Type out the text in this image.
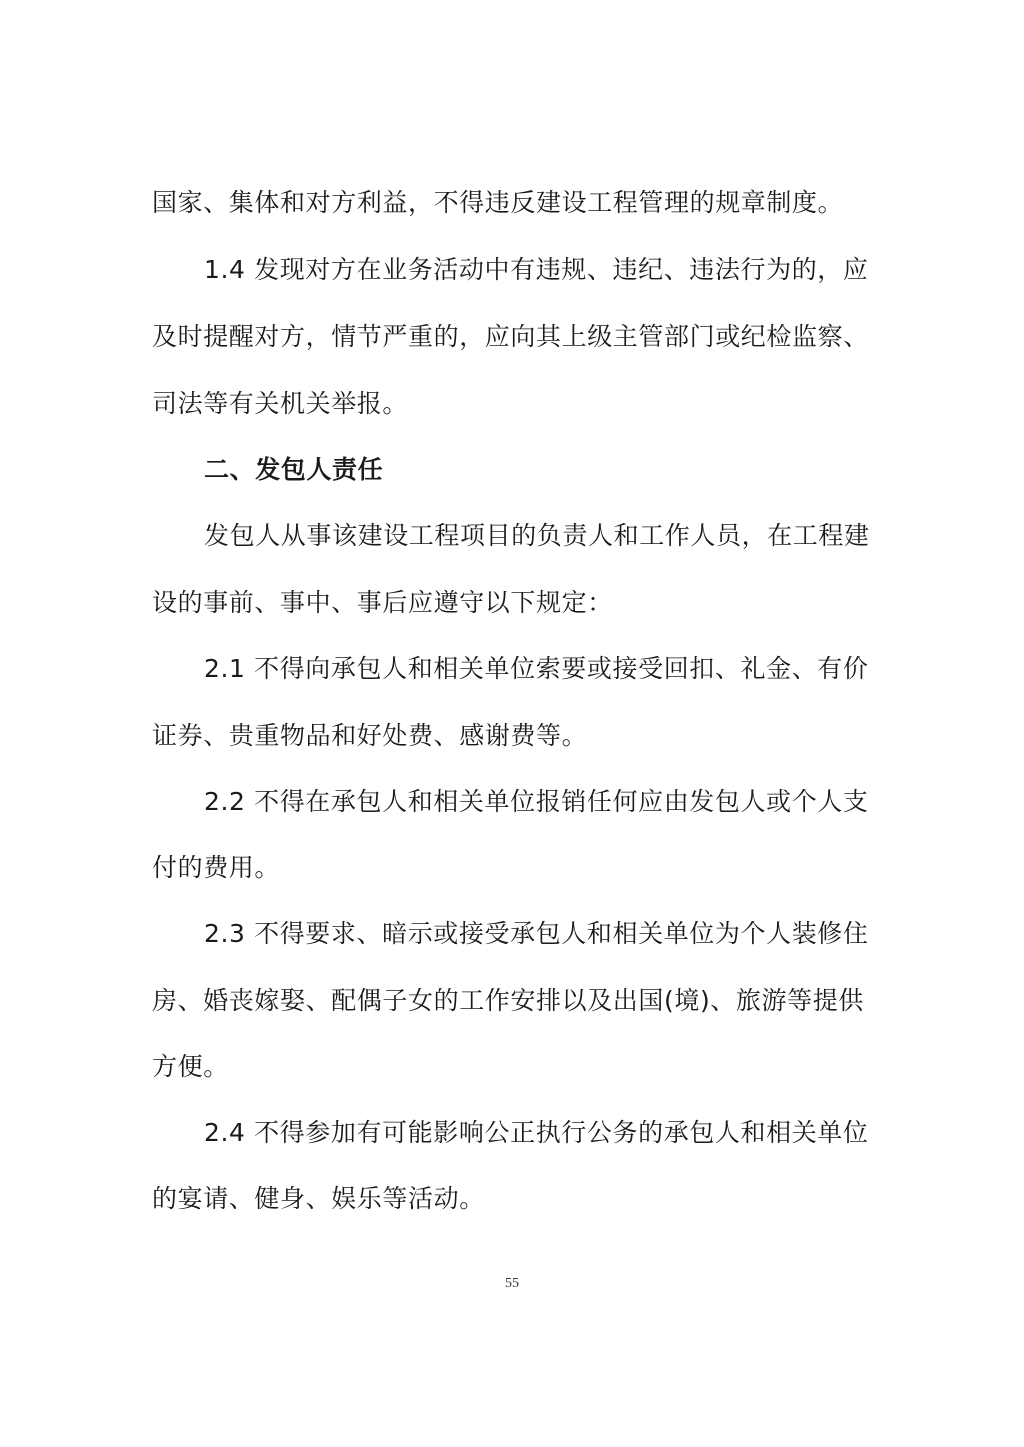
国家、集体和对方利益，不得违反建设工程管理的规章制度。
1.4 发现对方在业务活动中有违规、违纪、违法行为的，应
及时提醒对方，情节严重的，应向其上级主管部门或纪检监察、
司法等有关机关举报。
二、发包人责任
发包人从事该建设工程项目的负责人和工作人员，在工程建
设的事前、事中、事后应遵守以下规定：
2.1 不得向承包人和相关单位索要或接受回扣、礼金、有价
证券、贵重物品和好处费、感谢费等。
2.2 不得在承包人和相关单位报销任何应由发包人或个人支
付的费用。
2.3 不得要求、暗示或接受承包人和相关单位为个人装修住
房、婚丧嫁娶、配偶子女的工作安排以及出国(境)、旅游等提供
方便。
2.4 不得参加有可能影响公正执行公务的承包人和相关单位
的宴请、健身、娱乐等活动。
55
